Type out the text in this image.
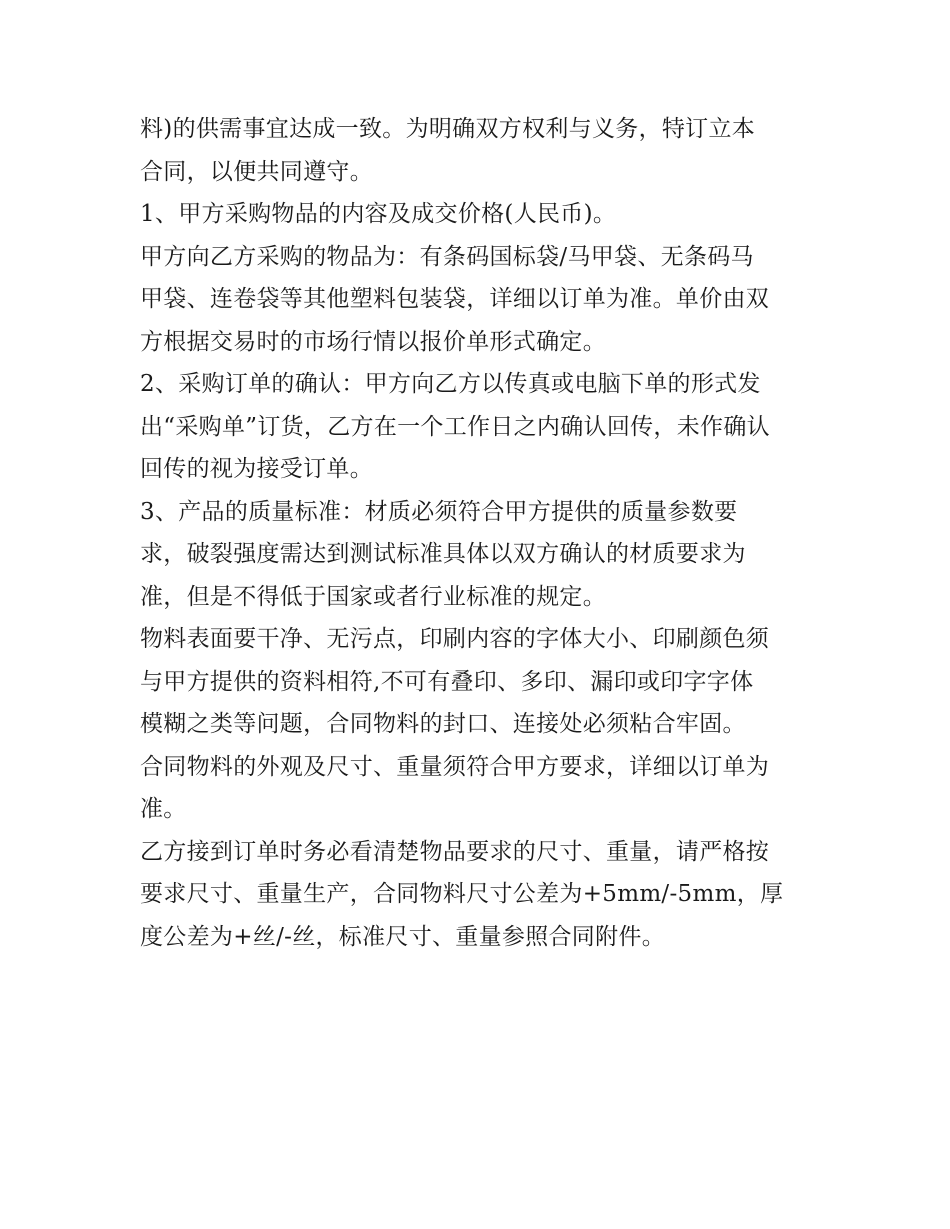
料)的供需事宜达成一致。为明确双方权利与义务，特订立本
合同，以便共同遵守。

1、甲方采购物品的内容及成交价格(人民币)。

甲方向乙方采购的物品为：有条码国标袋/马甲袋、无条码马
甲袋、连卷袋等其他塑料包装袋，详细以订单为准。单价由双
方根据交易时的市场行情以报价单形式确定。

2、采购订单的确认：甲方向乙方以传真或电脑下单的形式发
出“采购单”订货，乙方在一个工作日之内确认回传，未作确认
回传的视为接受订单。

3、产品的质量标准：材质必须符合甲方提供的质量参数要
求，破裂强度需达到测试标准具体以双方确认的材质要求为
准，但是不得低于国家或者行业标准的规定。

物料表面要干净、无污点，印刷内容的字体大小、印刷颜色须
与甲方提供的资料相符,不可有叠印、多印、漏印或印字字体
模糊之类等问题，合同物料的封口、连接处必须粘合牢固。

合同物料的外观及尺寸、重量须符合甲方要求，详细以订单为
准。

乙方接到订单时务必看清楚物品要求的尺寸、重量，请严格按
要求尺寸、重量生产，合同物料尺寸公差为+5mm/-5mm，厚
度公差为+丝/-丝，标准尺寸、重量参照合同附件。
